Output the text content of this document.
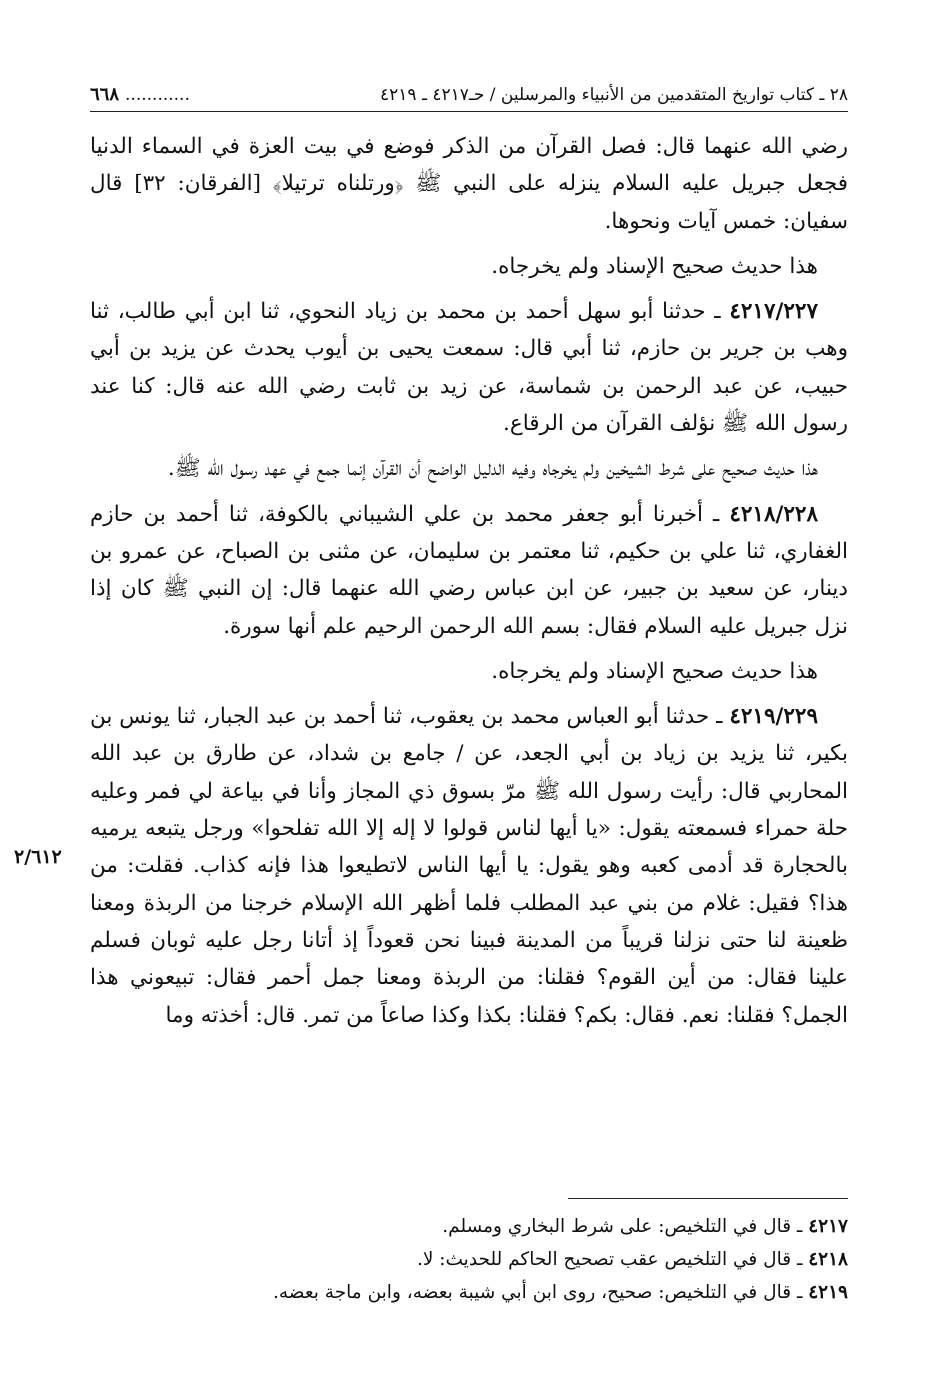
٢٨ ـ كتاب تواريخ المتقدمين من الأنبياء والمرسلين / حـ٤٢١٧ ـ ٤٢١٩
............
٦٦٨

رضي الله عنهما قال: فصل القرآن من الذكر فوضع في بيت العزة في السماء الدنيا فجعل جبريل عليه السلام ينزله على النبي ﷺ ﴿ورتلناه ترتيلا﴾ [الفرقان: ٣٢] قال سفيان: خمس آيات ونحوها.

هذا حديث صحيح الإسناد ولم يخرجاه.

٤٢١٧/٢٢٧ ـ حدثنا أبو سهل أحمد بن محمد بن زياد النحوي، ثنا ابن أبي طالب، ثنا وهب بن جرير بن حازم، ثنا أبي قال: سمعت يحيى بن أيوب يحدث عن يزيد بن أبي حبيب، عن عبد الرحمن بن شماسة، عن زيد بن ثابت رضي الله عنه قال: كنا عند رسول الله ﷺ نؤلف القرآن من الرقاع.

هذا حديث صحيح على شرط الشيخين ولم يخرجاه وفيه الدليل الواضح أن القرآن إنما جمع في عهد رسول الله ﷺ.

٤٢١٨/٢٢٨ ـ أخبرنا أبو جعفر محمد بن علي الشيباني بالكوفة، ثنا أحمد بن حازم الغفاري، ثنا علي بن حكيم، ثنا معتمر بن سليمان، عن مثنى بن الصباح، عن عمرو بن دينار، عن سعيد بن جبير، عن ابن عباس رضي الله عنهما قال: إن النبي ﷺ كان إذا نزل جبريل عليه السلام فقال: بسم الله الرحمن الرحيم علم أنها سورة.

هذا حديث صحيح الإسناد ولم يخرجاه.

٤٢١٩/٢٢٩ ـ حدثنا أبو العباس محمد بن يعقوب، ثنا أحمد بن عبد الجبار، ثنا يونس بن بكير، ثنا يزيد بن زياد بن أبي الجعد، عن / جامع بن شداد، عن طارق بن عبد الله المحاربي قال: رأيت رسول الله ﷺ مرّ بسوق ذي المجاز وأنا في بياعة لي فمر وعليه حلة حمراء فسمعته يقول: «يا أيها لناس قولوا لا إله إلا الله تفلحوا» ورجل يتبعه يرميه بالحجارة قد أدمى كعبه وهو يقول: يا أيها الناس لاتطيعوا هذا فإنه كذاب. فقلت: من هذا؟ فقيل: غلام من بني عبد المطلب فلما أظهر الله الإسلام خرجنا من الربذة ومعنا ظعينة لنا حتى نزلنا قريباً من المدينة فبينا نحن قعوداً إذ أتانا رجل عليه ثوبان فسلم علينا فقال: من أين القوم؟ فقلنا: من الربذة ومعنا جمل أحمر فقال: تبيعوني هذا الجمل؟ فقلنا: نعم. فقال: بكم؟ فقلنا: بكذا وكذا صاعاً من تمر. قال: أخذته وما

٢/٦١٢
٤٢١٧ ـ قال في التلخيص: على شرط البخاري ومسلم.
٤٢١٨ ـ قال في التلخيص عقب تصحيح الحاكم للحديث: لا.
٤٢١٩ ـ قال في التلخيص: صحيح، روى ابن أبي شيبة بعضه، وابن ماجة بعضه.
